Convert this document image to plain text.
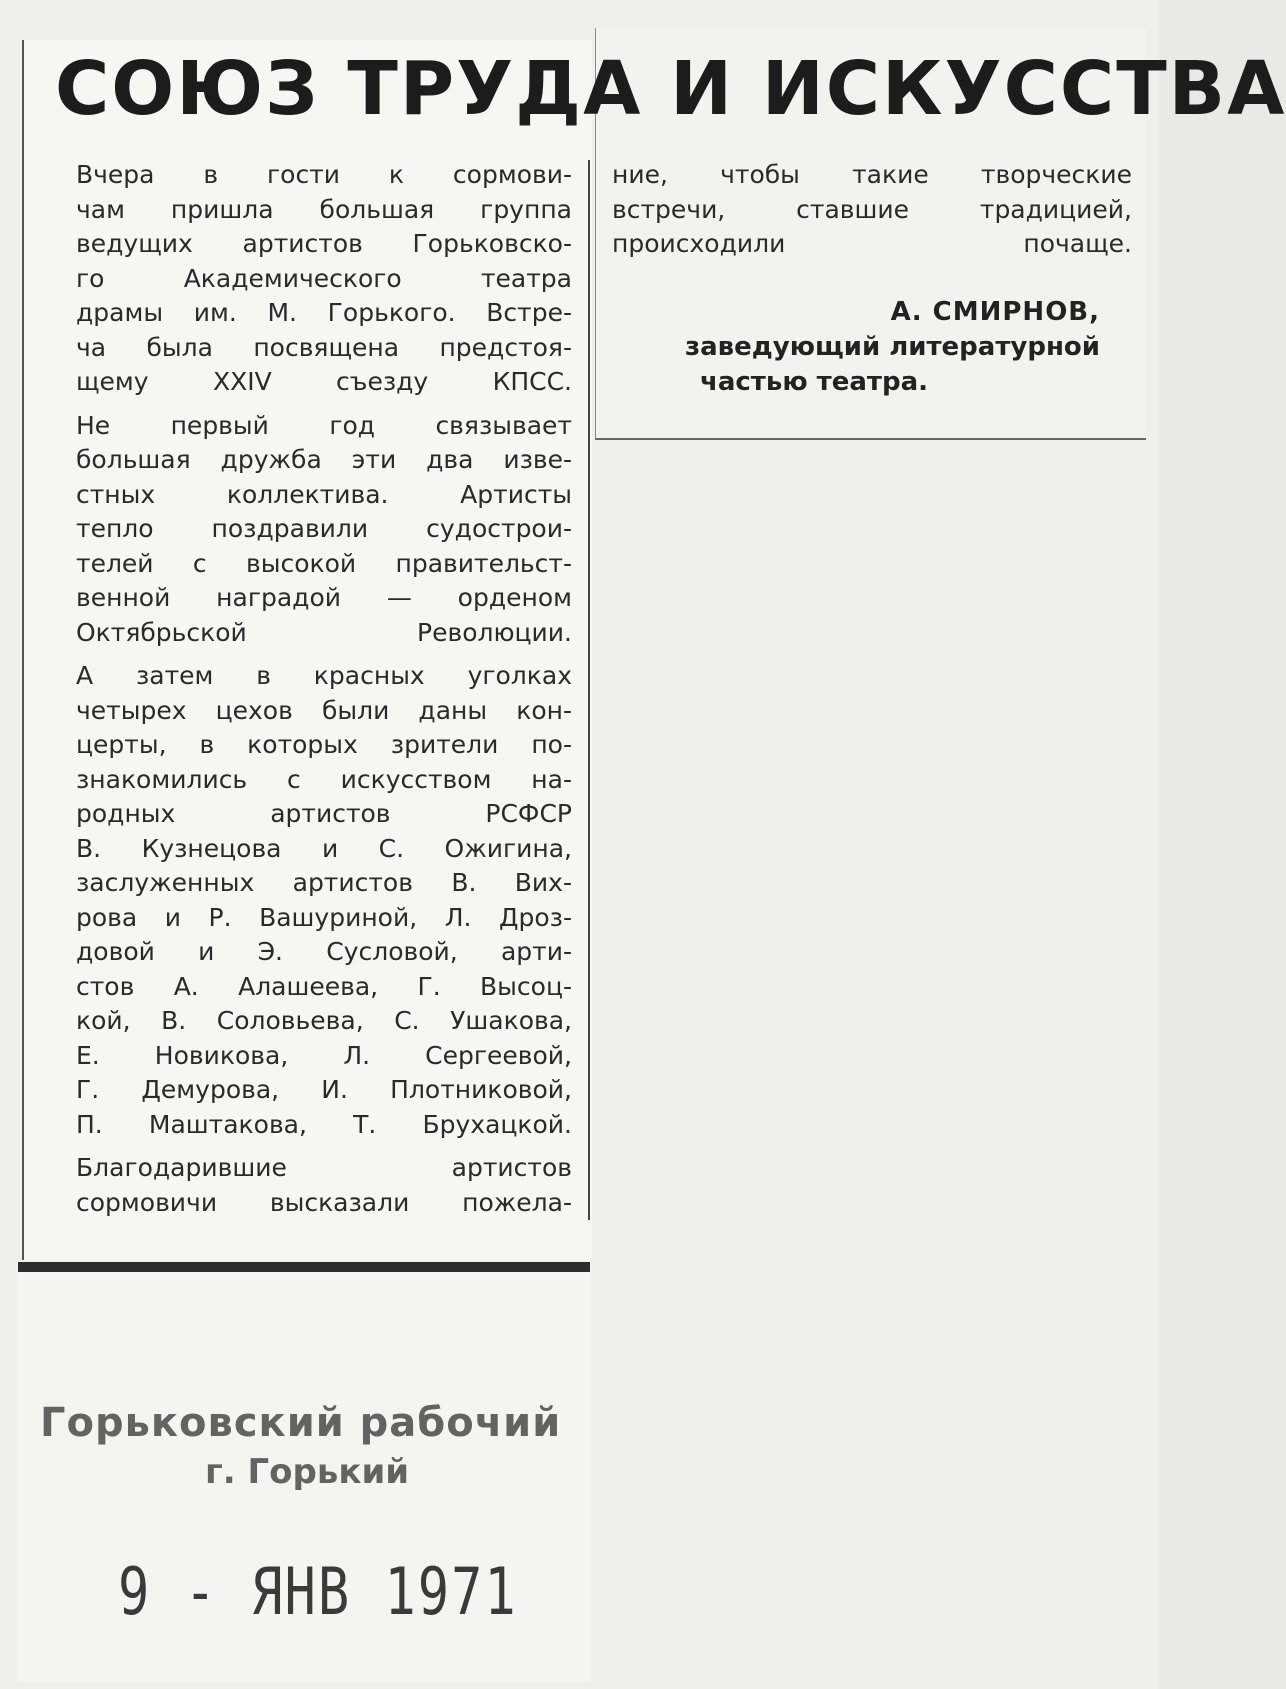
СОЮЗ ТРУДА И ИСКУССТВА

Вчера в гости к сормови-
чам пришла большая группа
ведущих артистов Горьковско-
го Академического театра
драмы им. М. Горького. Встре-
ча была посвящена предстоя-
щему XXIV съезду КПСС.

Не первый год связывает
большая дружба эти два изве-
стных коллектива. Артисты
тепло поздравили судострои-
телей с высокой правительст-
венной наградой — орденом
Октябрьской Революции.

А затем в красных уголках
четырех цехов были даны кон-
церты, в которых зрители по-
знакомились с искусством на-
родных артистов РСФСР
В. Кузнецова и С. Ожигина,
заслуженных артистов В. Вих-
рова и Р. Вашуриной, Л. Дроз-
довой и Э. Сусловой, арти-
стов А. Алашеева, Г. Высоц-
кой, В. Соловьева, С. Ушакова,
Е. Новикова, Л. Сергеевой,
Г. Демурова, И. Плотниковой,
П. Маштакова, Т. Брухацкой.

Благодарившие артистов
сормовичи высказали пожела-

ние, чтобы такие творческие
встречи, ставшие традицией,
происходили почаще.

А. СМИРНОВ,

заведующий литературной

частью театра.

Горьковский рабочий

г. Горький

9 - ЯНВ 1971
